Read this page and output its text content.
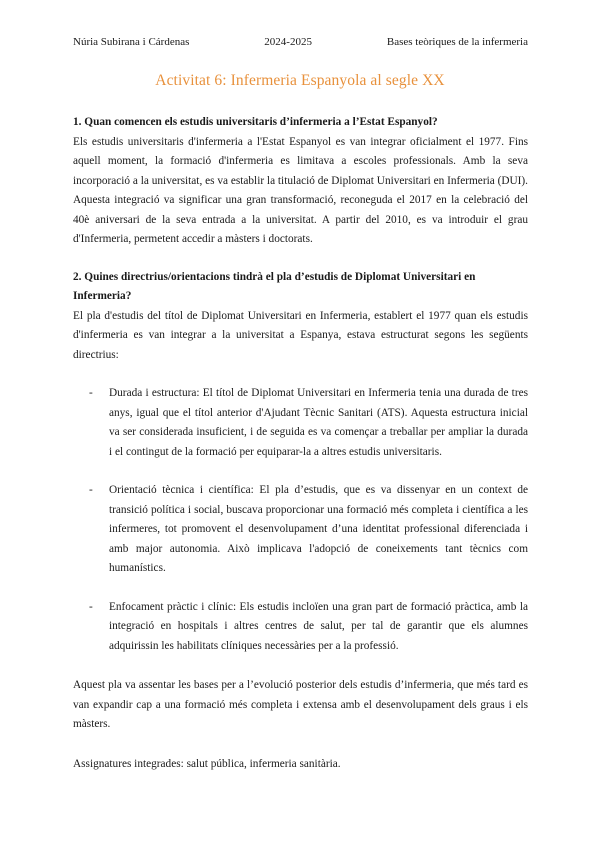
Núria Subirana i Cárdenas	2024-2025	Bases teòriques de la infermeria
Activitat 6: Infermeria Espanyola al segle XX
1. Quan comencen els estudis universitaris d’infermeria a l’Estat Espanyol?

Els estudis universitaris d'infermeria a l'Estat Espanyol es van integrar oficialment el 1977. Fins aquell moment, la formació d'infermeria es limitava a escoles professionals. Amb la seva incorporació a la universitat, es va establir la titulació de Diplomat Universitari en Infermeria (DUI). Aquesta integració va significar una gran transformació, reconeguda el 2017 en la celebració del 40è aniversari de la seva entrada a la universitat. A partir del 2010, es va introduir el grau d'Infermeria, permetent accedir a màsters i doctorats.

2. Quines directrius/orientacions tindrà el pla d’estudis de Diplomat Universitari en Infermeria?

El pla d'estudis del títol de Diplomat Universitari en Infermeria, establert el 1977 quan els estudis d'infermeria es van integrar a la universitat a Espanya, estava estructurat segons les següents directrius:

- Durada i estructura: El títol de Diplomat Universitari en Infermeria tenia una durada de tres anys, igual que el títol anterior d'Ajudant Tècnic Sanitari (ATS). Aquesta estructura inicial va ser considerada insuficient, i de seguida es va començar a treballar per ampliar la durada i el contingut de la formació per equiparar-la a altres estudis universitaris.
- Orientació tècnica i científica: El pla d’estudis, que es va dissenyar en un context de transició política i social, buscava proporcionar una formació més completa i científica a les infermeres, tot promovent el desenvolupament d’una identitat professional diferenciada i amb major autonomia. Això implicava l'adopció de coneixements tant tècnics com humanístics.
- Enfocament pràctic i clínic: Els estudis incloïen una gran part de formació pràctica, amb la integració en hospitals i altres centres de salut, per tal de garantir que els alumnes adquirissin les habilitats clíniques necessàries per a la professió.

Aquest pla va assentar les bases per a l’evolució posterior dels estudis d’infermeria, que més tard es van expandir cap a una formació més completa i extensa amb el desenvolupament dels graus i els màsters.

Assignatures integrades: salut pública, infermeria sanitària.
